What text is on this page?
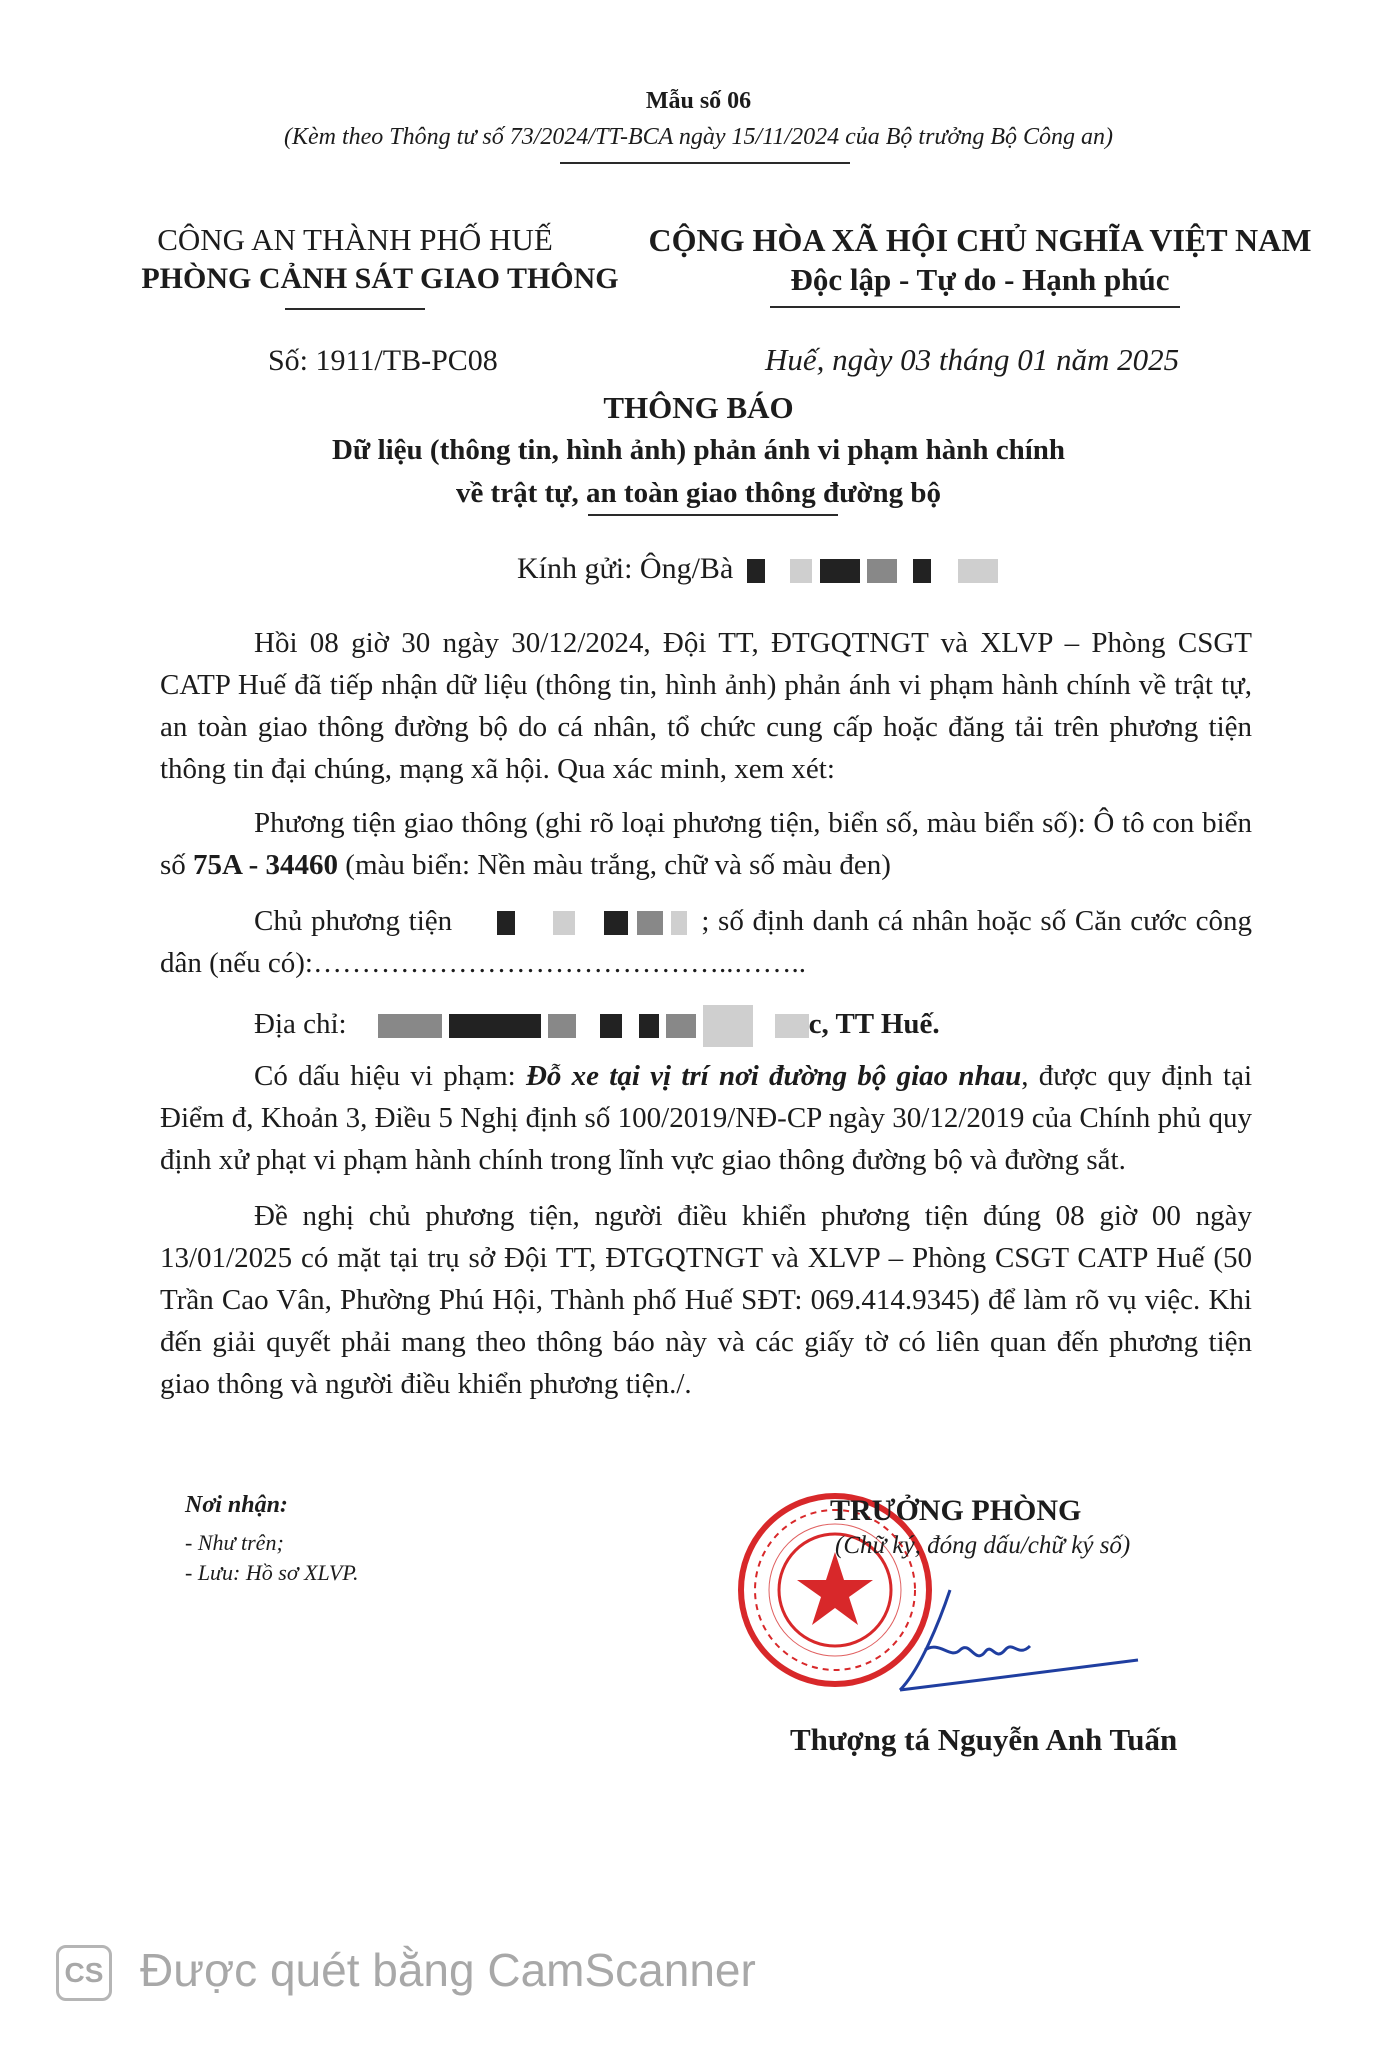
Mẫu số 06
(Kèm theo Thông tư số 73/2024/TT-BCA ngày 15/11/2024 của Bộ trưởng Bộ Công an)
CÔNG AN THÀNH PHỐ HUẾ
PHÒNG CẢNH SÁT GIAO THÔNG
CỘNG HÒA XÃ HỘI CHỦ NGHĨA VIỆT NAM
Độc lập - Tự do - Hạnh phúc
Số: 1911/TB-PC08	Huế, ngày 03 tháng 01 năm 2025
THÔNG BÁO
Dữ liệu (thông tin, hình ảnh) phản ánh vi phạm hành chính
về trật tự, an toàn giao thông đường bộ
Kính gửi: Ông/Bà
Hồi 08 giờ 30 ngày 30/12/2024, Đội TT, ĐTGQTNGT và XLVP – Phòng CSGT CATP Huế đã tiếp nhận dữ liệu (thông tin, hình ảnh) phản ánh vi phạm hành chính về trật tự, an toàn giao thông đường bộ do cá nhân, tổ chức cung cấp hoặc đăng tải trên phương tiện thông tin đại chúng, mạng xã hội. Qua xác minh, xem xét:
Phương tiện giao thông (ghi rõ loại phương tiện, biển số, màu biển số): Ô tô con biển số 75A - 34460 (màu biển: Nền màu trắng, chữ và số màu đen)
Chủ phương tiện	; số định danh cá nhân hoặc số Căn cước công dân (nếu có):……………………………………..……..
Địa chỉ:	c, TT Huế.
Có dấu hiệu vi phạm: Đỗ xe tại vị trí nơi đường bộ giao nhau, được quy định tại Điểm đ, Khoản 3, Điều 5 Nghị định số 100/2019/NĐ-CP ngày 30/12/2019 của Chính phủ quy định xử phạt vi phạm hành chính trong lĩnh vực giao thông đường bộ và đường sắt.
Đề nghị chủ phương tiện, người điều khiển phương tiện đúng 08 giờ 00 ngày 13/01/2025 có mặt tại trụ sở Đội TT, ĐTGQTNGT và XLVP – Phòng CSGT CATP Huế (50 Trần Cao Vân, Phường Phú Hội, Thành phố Huế SĐT: 069.414.9345) để làm rõ vụ việc. Khi đến giải quyết phải mang theo thông báo này và các giấy tờ có liên quan đến phương tiện giao thông và người điều khiển phương tiện./.
Nơi nhận:
- Như trên;
- Lưu: Hồ sơ XLVP.
TRƯỞNG PHÒNG
(Chữ ký, đóng dấu/chữ ký số)
Thượng tá Nguyễn Anh Tuấn
CS Được quét bằng CamScanner
